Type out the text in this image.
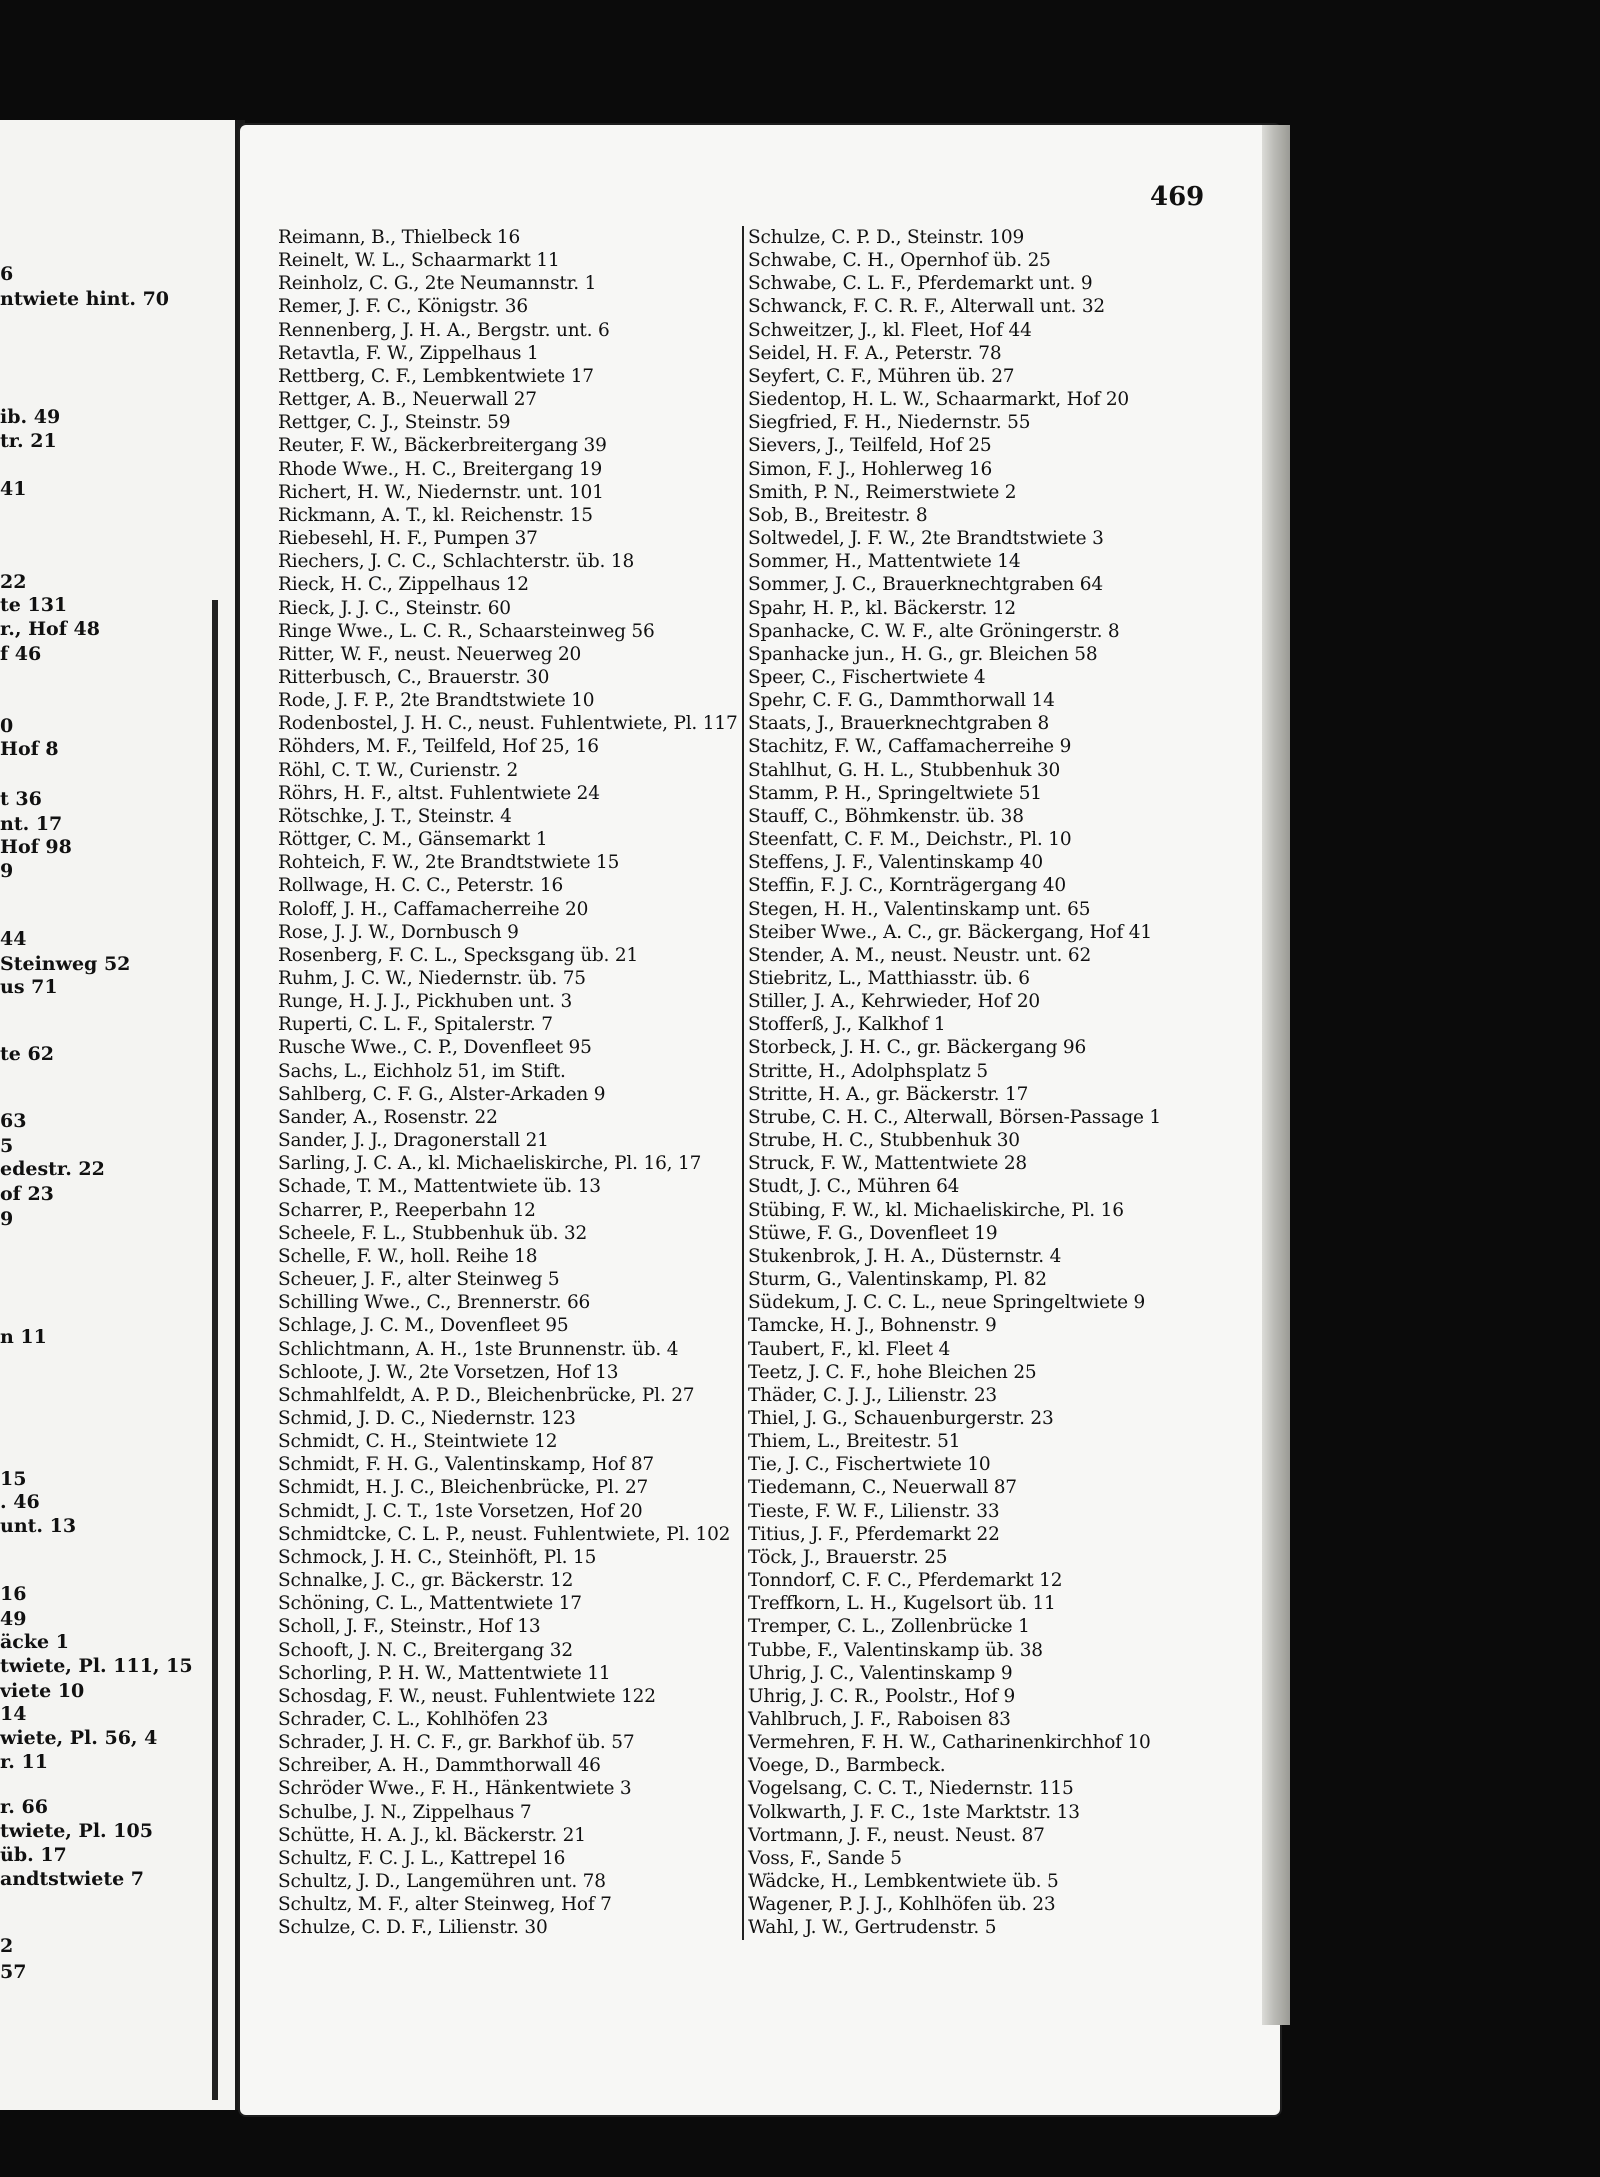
6
ntwiete hint. 70
ib. 49
tr. 21
41
22
te 131
r., Hof 48
f 46
0
Hof 8
t 36
nt. 17
Hof 98
9
44
Steinweg 52
us 71
te 62
63
5
edestr. 22
of 23
9
n 11
15
. 46
unt. 13
16
49
äcke 1
twiete, Pl. 111, 15
viete 10
14
wiete, Pl. 56, 4
r. 11
r. 66
twiete, Pl. 105
üb. 17
andtstwiete 7
2
57
469
Reimann, B., Thielbeck 16
Reinelt, W. L., Schaarmarkt 11
Reinholz, C. G., 2te Neumannstr. 1
Remer, J. F. C., Königstr. 36
Rennenberg, J. H. A., Bergstr. unt. 6
Retavtla, F. W., Zippelhaus 1
Rettberg, C. F., Lembkentwiete 17
Rettger, A. B., Neuerwall 27
Rettger, C. J., Steinstr. 59
Reuter, F. W., Bäckerbreitergang 39
Rhode Wwe., H. C., Breitergang 19
Richert, H. W., Niedernstr. unt. 101
Rickmann, A. T., kl. Reichenstr. 15
Riebesehl, H. F., Pumpen 37
Riechers, J. C. C., Schlachterstr. üb. 18
Rieck, H. C., Zippelhaus 12
Rieck, J. J. C., Steinstr. 60
Ringe Wwe., L. C. R., Schaarsteinweg 56
Ritter, W. F., neust. Neuerweg 20
Ritterbusch, C., Brauerstr. 30
Rode, J. F. P., 2te Brandtstwiete 10
Rodenbostel, J. H. C., neust. Fuhlentwiete, Pl. 117
Röhders, M. F., Teilfeld, Hof 25, 16
Röhl, C. T. W., Curienstr. 2
Röhrs, H. F., altst. Fuhlentwiete 24
Rötschke, J. T., Steinstr. 4
Röttger, C. M., Gänsemarkt 1
Rohteich, F. W., 2te Brandtstwiete 15
Rollwage, H. C. C., Peterstr. 16
Roloff, J. H., Caffamacherreihe 20
Rose, J. J. W., Dornbusch 9
Rosenberg, F. C. L., Specksgang üb. 21
Ruhm, J. C. W., Niedernstr. üb. 75
Runge, H. J. J., Pickhuben unt. 3
Ruperti, C. L. F., Spitalerstr. 7
Rusche Wwe., C. P., Dovenfleet 95
Sachs, L., Eichholz 51, im Stift.
Sahlberg, C. F. G., Alster-Arkaden 9
Sander, A., Rosenstr. 22
Sander, J. J., Dragonerstall 21
Sarling, J. C. A., kl. Michaeliskirche, Pl. 16, 17
Schade, T. M., Mattentwiete üb. 13
Scharrer, P., Reeperbahn 12
Scheele, F. L., Stubbenhuk üb. 32
Schelle, F. W., holl. Reihe 18
Scheuer, J. F., alter Steinweg 5
Schilling Wwe., C., Brennerstr. 66
Schlage, J. C. M., Dovenfleet 95
Schlichtmann, A. H., 1ste Brunnenstr. üb. 4
Schloote, J. W., 2te Vorsetzen, Hof 13
Schmahlfeldt, A. P. D., Bleichenbrücke, Pl. 27
Schmid, J. D. C., Niedernstr. 123
Schmidt, C. H., Steintwiete 12
Schmidt, F. H. G., Valentinskamp, Hof 87
Schmidt, H. J. C., Bleichenbrücke, Pl. 27
Schmidt, J. C. T., 1ste Vorsetzen, Hof 20
Schmidtcke, C. L. P., neust. Fuhlentwiete, Pl. 102
Schmock, J. H. C., Steinhöft, Pl. 15
Schnalke, J. C., gr. Bäckerstr. 12
Schöning, C. L., Mattentwiete 17
Scholl, J. F., Steinstr., Hof 13
Schooft, J. N. C., Breitergang 32
Schorling, P. H. W., Mattentwiete 11
Schosdag, F. W., neust. Fuhlentwiete 122
Schrader, C. L., Kohlhöfen 23
Schrader, J. H. C. F., gr. Barkhof üb. 57
Schreiber, A. H., Dammthorwall 46
Schröder Wwe., F. H., Hänkentwiete 3
Schulbe, J. N., Zippelhaus 7
Schütte, H. A. J., kl. Bäckerstr. 21
Schultz, F. C. J. L., Kattrepel 16
Schultz, J. D., Langemühren unt. 78
Schultz, M. F., alter Steinweg, Hof 7
Schulze, C. D. F., Lilienstr. 30
Schulze, C. P. D., Steinstr. 109
Schwabe, C. H., Opernhof üb. 25
Schwabe, C. L. F., Pferdemarkt unt. 9
Schwanck, F. C. R. F., Alterwall unt. 32
Schweitzer, J., kl. Fleet, Hof 44
Seidel, H. F. A., Peterstr. 78
Seyfert, C. F., Mühren üb. 27
Siedentop, H. L. W., Schaarmarkt, Hof 20
Siegfried, F. H., Niedernstr. 55
Sievers, J., Teilfeld, Hof 25
Simon, F. J., Hohlerweg 16
Smith, P. N., Reimerstwiete 2
Sob, B., Breitestr. 8
Soltwedel, J. F. W., 2te Brandtstwiete 3
Sommer, H., Mattentwiete 14
Sommer, J. C., Brauerknechtgraben 64
Spahr, H. P., kl. Bäckerstr. 12
Spanhacke, C. W. F., alte Gröningerstr. 8
Spanhacke jun., H. G., gr. Bleichen 58
Speer, C., Fischertwiete 4
Spehr, C. F. G., Dammthorwall 14
Staats, J., Brauerknechtgraben 8
Stachitz, F. W., Caffamacherreihe 9
Stahlhut, G. H. L., Stubbenhuk 30
Stamm, P. H., Springeltwiete 51
Stauff, C., Böhmkenstr. üb. 38
Steenfatt, C. F. M., Deichstr., Pl. 10
Steffens, J. F., Valentinskamp 40
Steffin, F. J. C., Kornträgergang 40
Stegen, H. H., Valentinskamp unt. 65
Steiber Wwe., A. C., gr. Bäckergang, Hof 41
Stender, A. M., neust. Neustr. unt. 62
Stiebritz, L., Matthiasstr. üb. 6
Stiller, J. A., Kehrwieder, Hof 20
Stofferß, J., Kalkhof 1
Storbeck, J. H. C., gr. Bäckergang 96
Stritte, H., Adolphsplatz 5
Stritte, H. A., gr. Bäckerstr. 17
Strube, C. H. C., Alterwall, Börsen-Passage 1
Strube, H. C., Stubbenhuk 30
Struck, F. W., Mattentwiete 28
Studt, J. C., Mühren 64
Stübing, F. W., kl. Michaeliskirche, Pl. 16
Stüwe, F. G., Dovenfleet 19
Stukenbrok, J. H. A., Düsternstr. 4
Sturm, G., Valentinskamp, Pl. 82
Südekum, J. C. C. L., neue Springeltwiete 9
Tamcke, H. J., Bohnenstr. 9
Taubert, F., kl. Fleet 4
Teetz, J. C. F., hohe Bleichen 25
Thäder, C. J. J., Lilienstr. 23
Thiel, J. G., Schauenburgerstr. 23
Thiem, L., Breitestr. 51
Tie, J. C., Fischertwiete 10
Tiedemann, C., Neuerwall 87
Tieste, F. W. F., Lilienstr. 33
Titius, J. F., Pferdemarkt 22
Töck, J., Brauerstr. 25
Tonndorf, C. F. C., Pferdemarkt 12
Treffkorn, L. H., Kugelsort üb. 11
Tremper, C. L., Zollenbrücke 1
Tubbe, F., Valentinskamp üb. 38
Uhrig, J. C., Valentinskamp 9
Uhrig, J. C. R., Poolstr., Hof 9
Vahlbruch, J. F., Raboisen 83
Vermehren, F. H. W., Catharinenkirchhof 10
Voege, D., Barmbeck.
Vogelsang, C. C. T., Niedernstr. 115
Volkwarth, J. F. C., 1ste Marktstr. 13
Vortmann, J. F., neust. Neust. 87
Voss, F., Sande 5
Wädcke, H., Lembkentwiete üb. 5
Wagener, P. J. J., Kohlhöfen üb. 23
Wahl, J. W., Gertrudenstr. 5
